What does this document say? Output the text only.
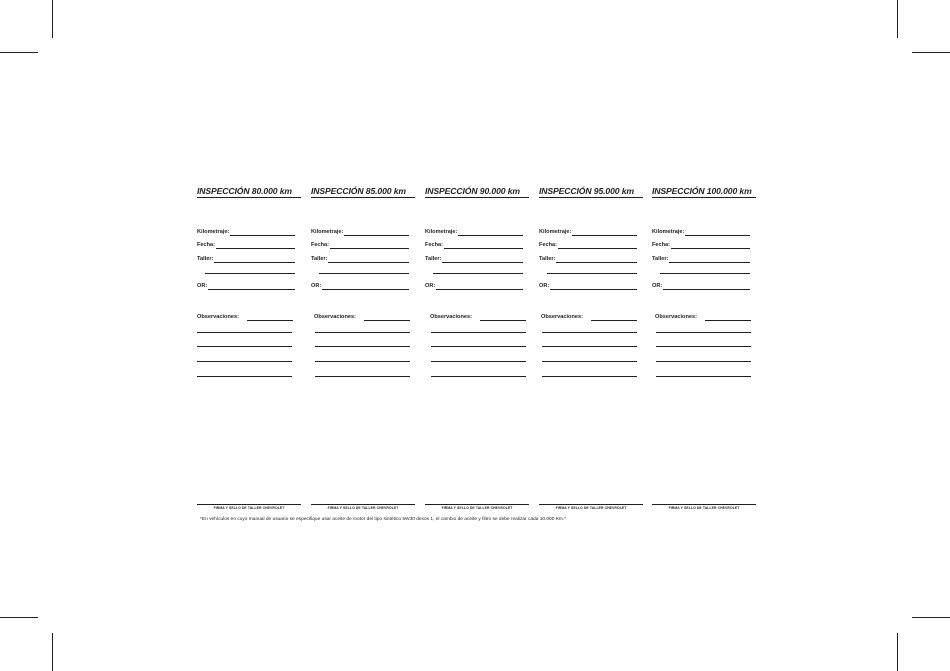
INSPECCIÓN 80.000 km
Kilometraje:
Fecha:
Taller:
OR:
Observaciones:
FIRMA Y SELLO DE TALLER CHEVROLET
INSPECCIÓN 85.000 km
Kilometraje:
Fecha:
Taller:
OR:
Observaciones:
FIRMA Y SELLO DE TALLER CHEVROLET
INSPECCIÓN 90.000 km
Kilometraje:
Fecha:
Taller:
OR:
Observaciones:
FIRMA Y SELLO DE TALLER CHEVROLET
INSPECCIÓN 95.000 km
Kilometraje:
Fecha:
Taller:
OR:
Observaciones:
FIRMA Y SELLO DE TALLER CHEVROLET
INSPECCIÓN 100.000 km
Kilometraje:
Fecha:
Taller:
OR:
Observaciones:
FIRMA Y SELLO DE TALLER CHEVROLET
*En vehículos en cuyo manual de usuario se especifique usar aceite de motor del tipo sintético 5W30 dexos 1, el cambio de aceite y filtro se debe realizar cada 10.000 Km.*
